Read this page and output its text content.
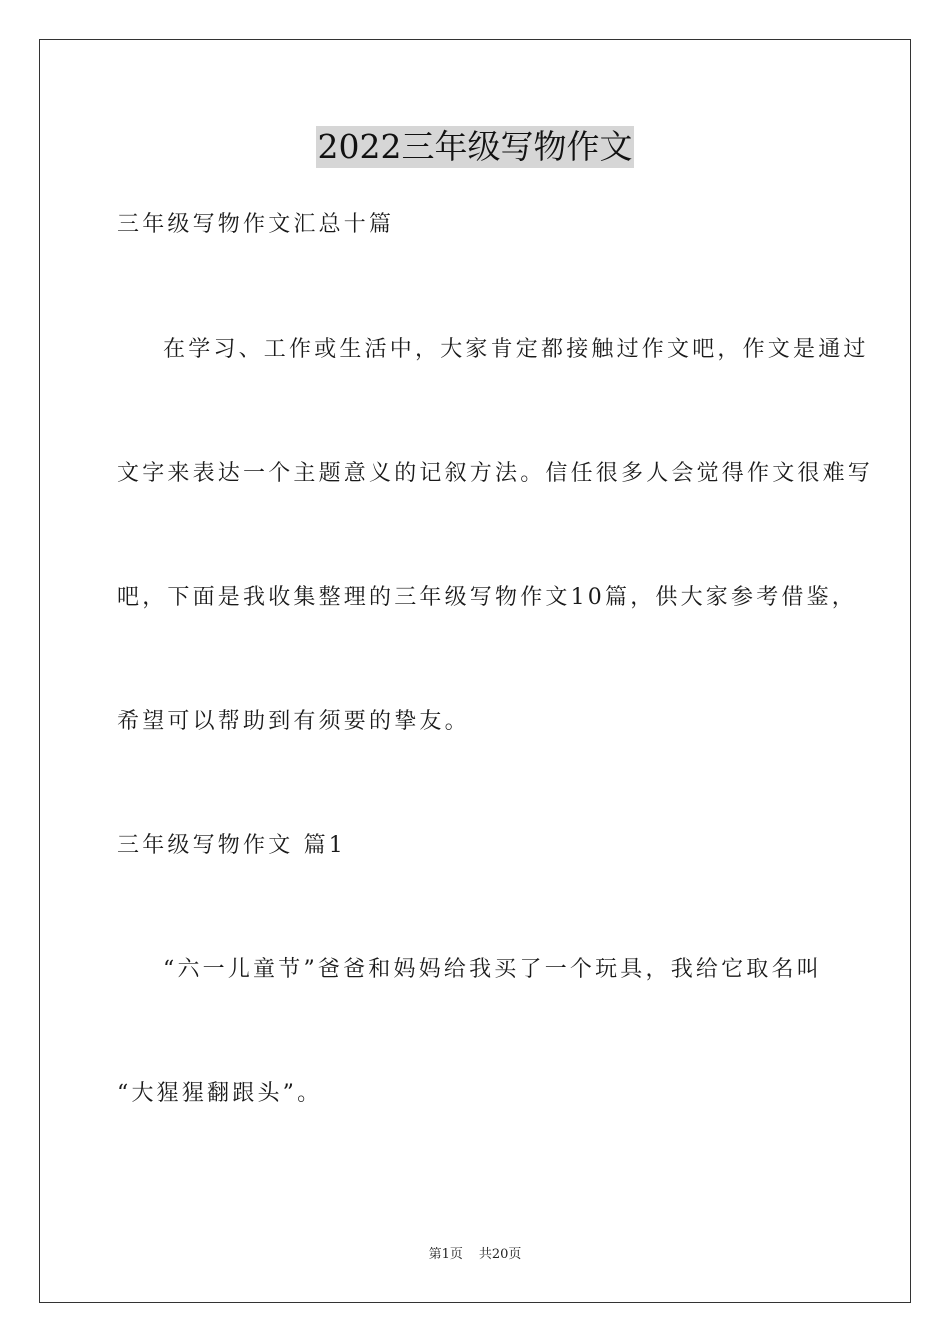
2022三年级写物作文
三年级写物作文汇总十篇
在学习、工作或生活中，大家肯定都接触过作文吧，作文是通过
文字来表达一个主题意义的记叙方法。信任很多人会觉得作文很难写
吧，下面是我收集整理的三年级写物作文10篇，供大家参考借鉴，
希望可以帮助到有须要的挚友。
三年级写物作文 篇1
“六一儿童节”爸爸和妈妈给我买了一个玩具，我给它取名叫
“大猩猩翻跟头”。
第1页 共20页
